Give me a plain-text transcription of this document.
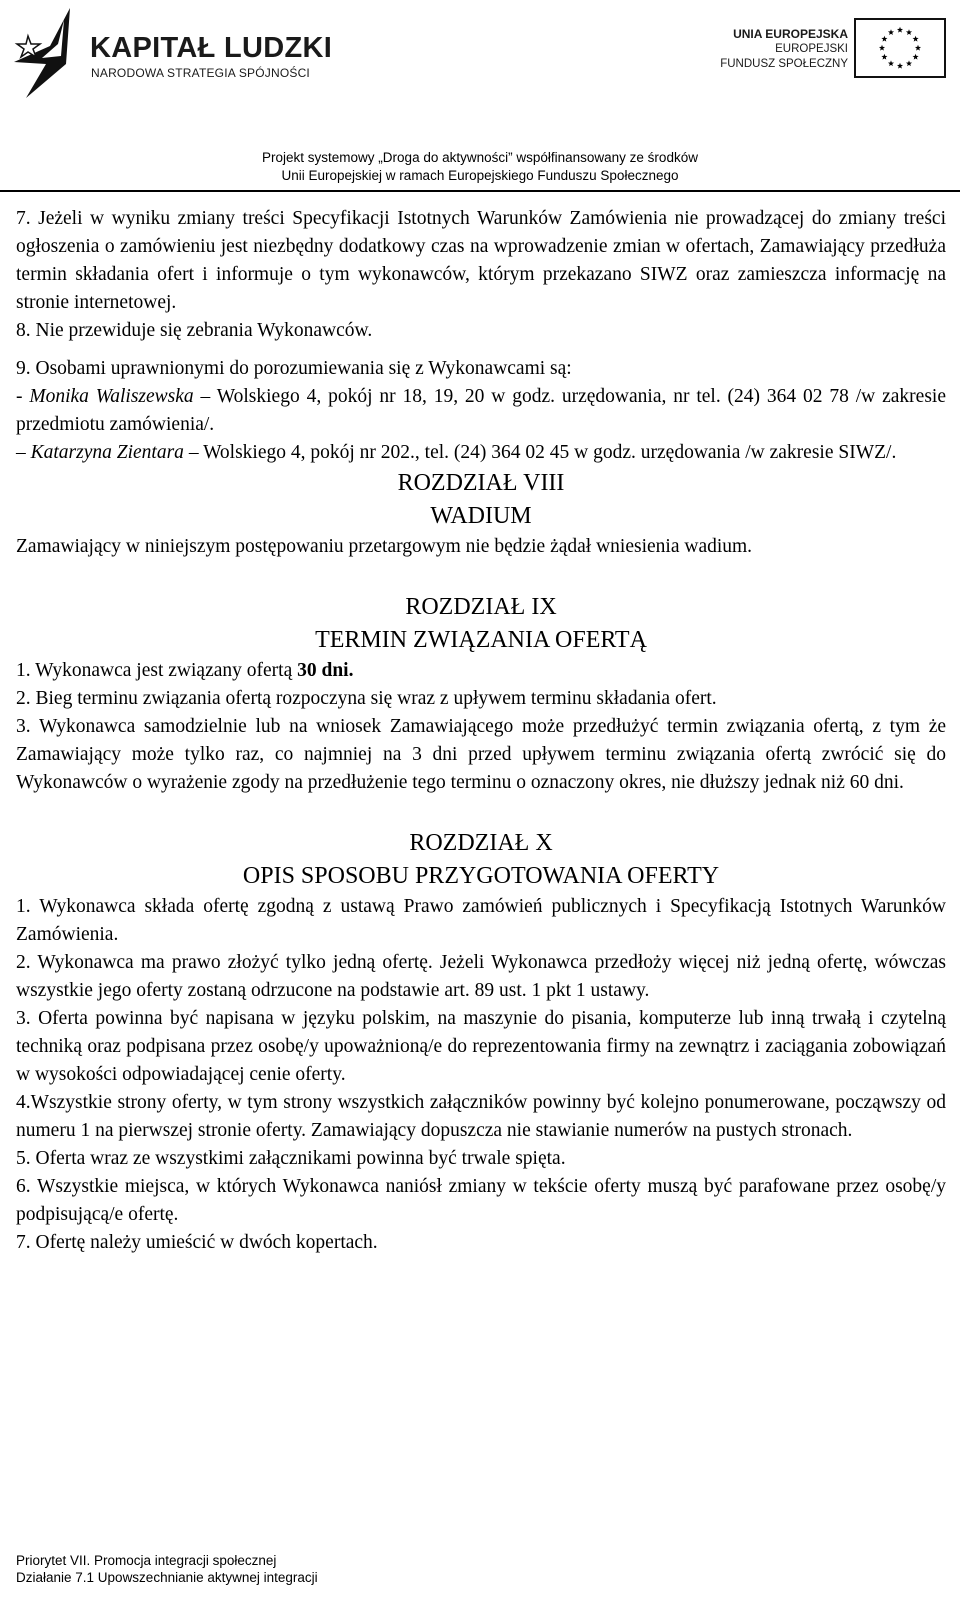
KAPITAŁ LUDZKI
NARODOWA STRATEGIA SPÓJNOŚCI
UNIA EUROPEJSKA
EUROPEJSKI
FUNDUSZ SPOŁECZNY
Projekt systemowy „Droga do aktywności” współfinansowany ze środków
Unii Europejskiej w ramach Europejskiego Funduszu Społecznego

7. Jeżeli w wyniku zmiany treści Specyfikacji Istotnych Warunków Zamówienia nie prowadzącej do zmiany treści ogłoszenia o zamówieniu jest niezbędny dodatkowy czas na wprowadzenie zmian w ofertach, Zamawiający przedłuża termin składania ofert i informuje o tym wykonawców, którym przekazano SIWZ oraz zamieszcza informację na stronie internetowej.

8. Nie przewiduje się zebrania Wykonawców.

9. Osobami uprawnionymi do porozumiewania się z Wykonawcami są:

- Monika Waliszewska – Wolskiego 4, pokój nr 18, 19, 20 w godz. urzędowania, nr tel. (24) 364 02 78 /w zakresie przedmiotu zamówienia/.

– Katarzyna Zientara – Wolskiego 4, pokój nr 202., tel. (24) 364 02 45 w godz. urzędowania /w zakresie SIWZ/.

ROZDZIAŁ VIII

WADIUM

Zamawiający w niniejszym postępowaniu przetargowym nie będzie żądał wniesienia wadium.

ROZDZIAŁ IX

TERMIN ZWIĄZANIA OFERTĄ

1. Wykonawca jest związany ofertą 30 dni.

2. Bieg terminu związania ofertą rozpoczyna się wraz z upływem terminu składania ofert.

3. Wykonawca samodzielnie lub na wniosek Zamawiającego może przedłużyć termin związania ofertą, z tym że Zamawiający może tylko raz, co najmniej na 3 dni przed upływem terminu związania ofertą zwrócić się do Wykonawców o wyrażenie zgody na przedłużenie tego terminu o oznaczony okres, nie dłuższy jednak niż 60 dni.

ROZDZIAŁ X

OPIS SPOSOBU PRZYGOTOWANIA OFERTY

1. Wykonawca składa ofertę zgodną z ustawą Prawo zamówień publicznych i Specyfikacją Istotnych Warunków Zamówienia.

2. Wykonawca ma prawo złożyć tylko jedną ofertę. Jeżeli Wykonawca przedłoży więcej niż jedną ofertę, wówczas wszystkie jego oferty zostaną odrzucone na podstawie art. 89 ust. 1 pkt 1 ustawy.

3. Oferta powinna być napisana w języku polskim, na maszynie do pisania, komputerze lub inną trwałą i czytelną techniką oraz podpisana przez osobę/y upoważnioną/e do reprezentowania firmy na zewnątrz i zaciągania zobowiązań w wysokości odpowiadającej cenie oferty.

4.Wszystkie strony oferty, w tym strony wszystkich załączników powinny być kolejno ponumerowane, począwszy od numeru 1 na pierwszej stronie oferty. Zamawiający dopuszcza nie stawianie numerów na pustych stronach.

5. Oferta wraz ze wszystkimi załącznikami powinna być trwale spięta.

6. Wszystkie miejsca, w których Wykonawca naniósł zmiany w tekście oferty muszą być parafowane przez osobę/y podpisującą/e ofertę.

7. Ofertę należy umieścić w dwóch kopertach.

Priorytet VII. Promocja integracji społecznej
Działanie 7.1 Upowszechnianie aktywnej integracji
